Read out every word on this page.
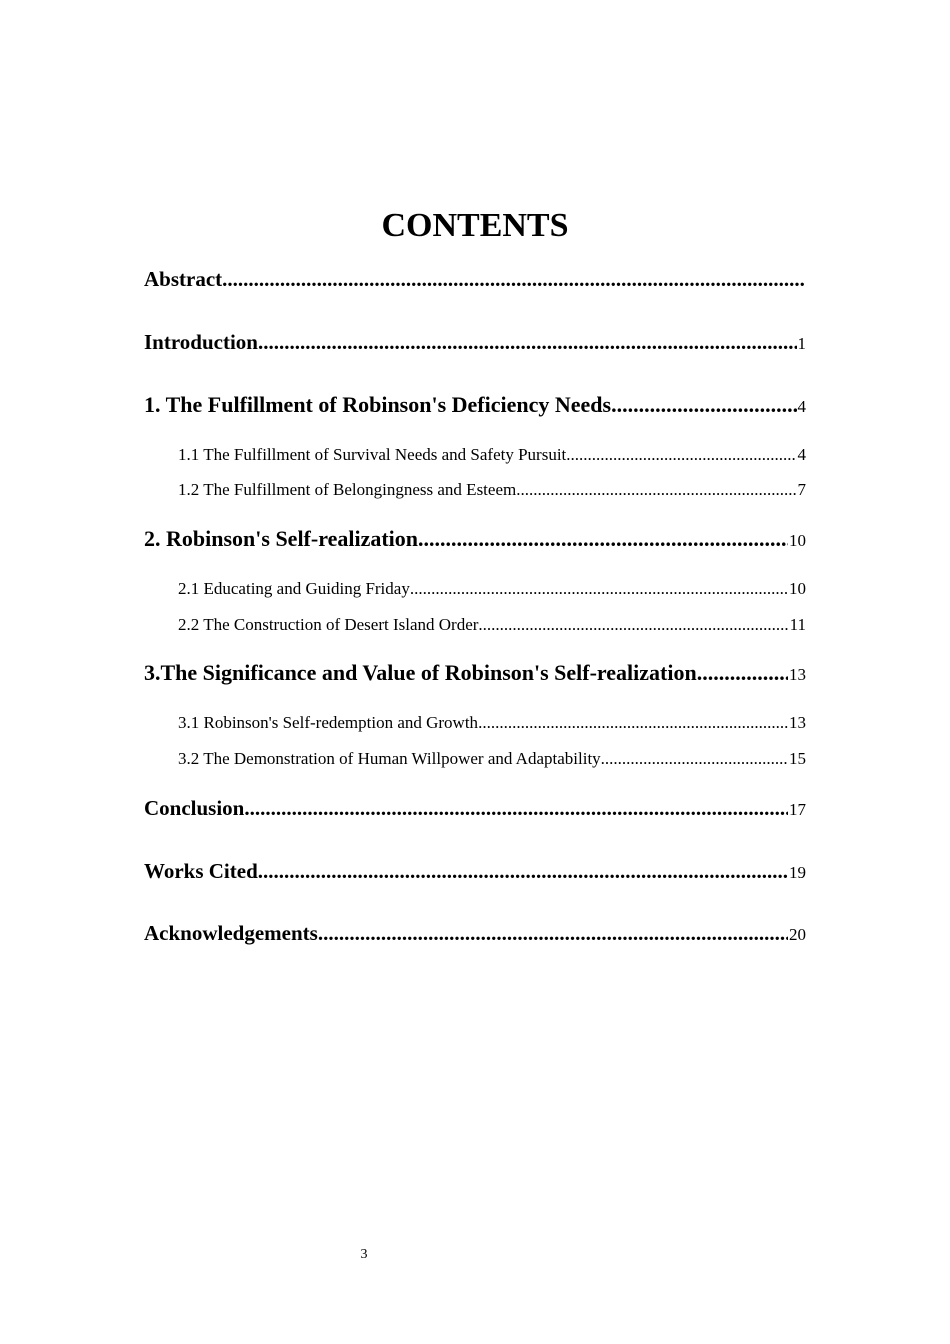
CONTENTS
Abstract
.....
Introduction .....	1
1. The Fulfillment of Robinson's Deficiency Needs .....	4
1.1 The Fulfillment of Survival Needs and Safety Pursuit .....	4
1.2 The Fulfillment of Belongingness and Esteem .....	7
2. Robinson's Self-realization .....	10
2.1 Educating and Guiding Friday .....	10
2.2 The Construction of Desert Island Order .....	11
3.The Significance and Value of Robinson's Self-realization .....	13
3.1 Robinson's Self-redemption and Growth .....	13
3.2 The Demonstration of Human Willpower and Adaptability .....	15
Conclusion .....	17
Works Cited .....	19
Acknowledgements .....	20
3
